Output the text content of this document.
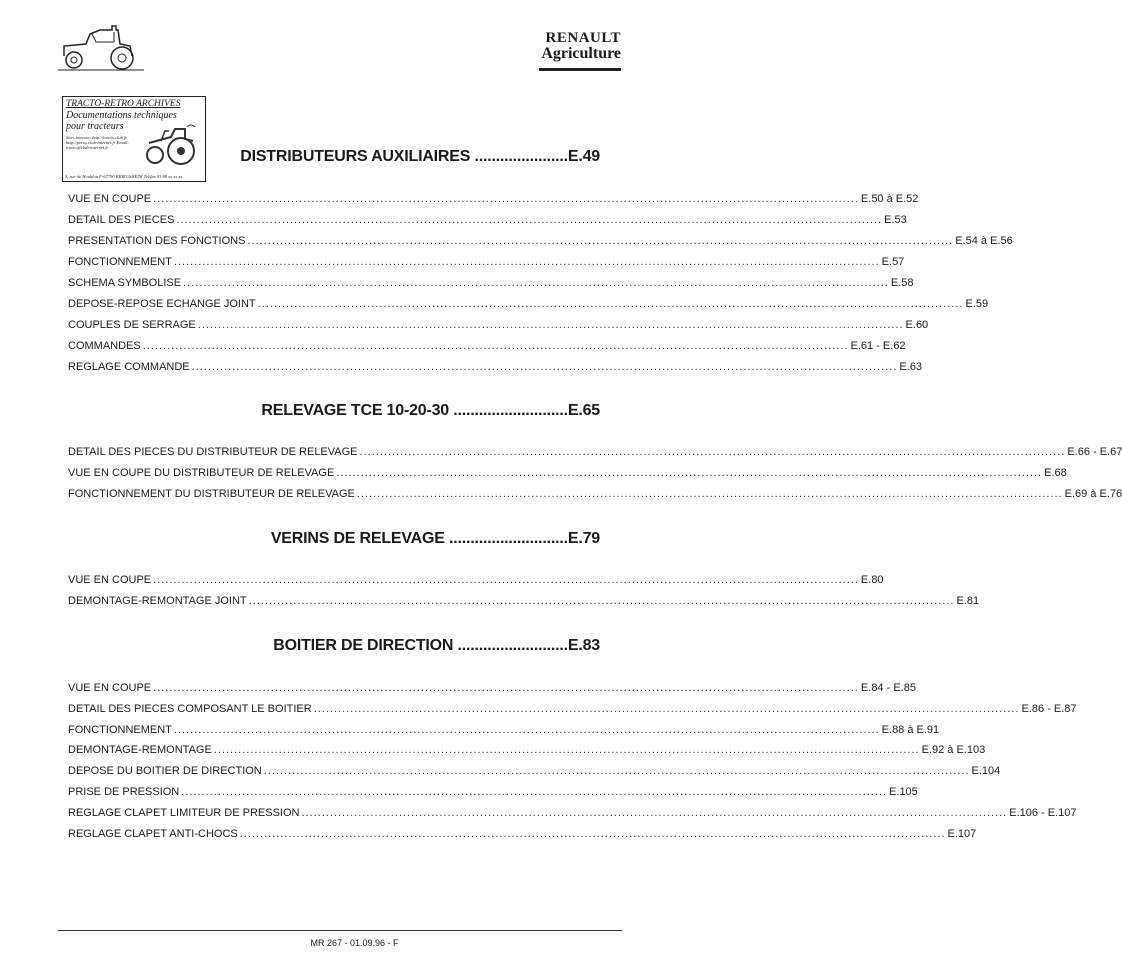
RENAULT
Agriculture
TRACTO-RETRO ARCHIVES
Documentations techniques pour tracteurs
Sites internet: http://tracto.club.fr http://perso.club-internet.fr Email: tracto@club-internet.fr
3, rue du Houblon F-67790 KRIEGSHEIM Tel/fax 03 88 xx xx xx
DISTRIBUTEURS AUXILIAIRES ......................E.49
VUE EN COUPE .............................................................................................................................................................................. E.50 à E.52
DETAIL DES PIECES .............................................................................................................................................................................. E.53
PRESENTATION DES FONCTIONS .............................................................................................................................................................................. E.54 à E.56
FONCTIONNEMENT .............................................................................................................................................................................. E.57
SCHEMA SYMBOLISE .............................................................................................................................................................................. E.58
DEPOSE-REPOSE ECHANGE JOINT .............................................................................................................................................................................. E.59
COUPLES DE SERRAGE .............................................................................................................................................................................. E.60
COMMANDES .............................................................................................................................................................................. E.61 - E.62
REGLAGE COMMANDE .............................................................................................................................................................................. E.63
RELEVAGE TCE 10-20-30 ...........................E.65
DETAIL DES PIECES DU DISTRIBUTEUR DE RELEVAGE .............................................................................................................................................................................. E.66 - E.67
VUE EN COUPE DU DISTRIBUTEUR DE RELEVAGE .............................................................................................................................................................................. E.68
FONCTIONNEMENT DU DISTRIBUTEUR DE RELEVAGE .............................................................................................................................................................................. E.69 à E.76
VERINS DE RELEVAGE ............................E.79
VUE EN COUPE .............................................................................................................................................................................. E.80
DEMONTAGE-REMONTAGE JOINT .............................................................................................................................................................................. E.81
BOITIER DE DIRECTION ..........................E.83
VUE EN COUPE .............................................................................................................................................................................. E.84 - E.85
DETAIL DES PIECES COMPOSANT LE BOITIER .............................................................................................................................................................................. E.86 - E.87
FONCTIONNEMENT .............................................................................................................................................................................. E.88 à E.91
DEMONTAGE-REMONTAGE .............................................................................................................................................................................. E.92 à E.103
DEPOSE DU BOITIER DE DIRECTION .............................................................................................................................................................................. E.104
PRISE DE PRESSION .............................................................................................................................................................................. E.105
REGLAGE CLAPET LIMITEUR DE PRESSION .............................................................................................................................................................................. E.106 - E.107
REGLAGE CLAPET ANTI-CHOCS .............................................................................................................................................................................. E.107
MR 267 - 01.09.96 - F
